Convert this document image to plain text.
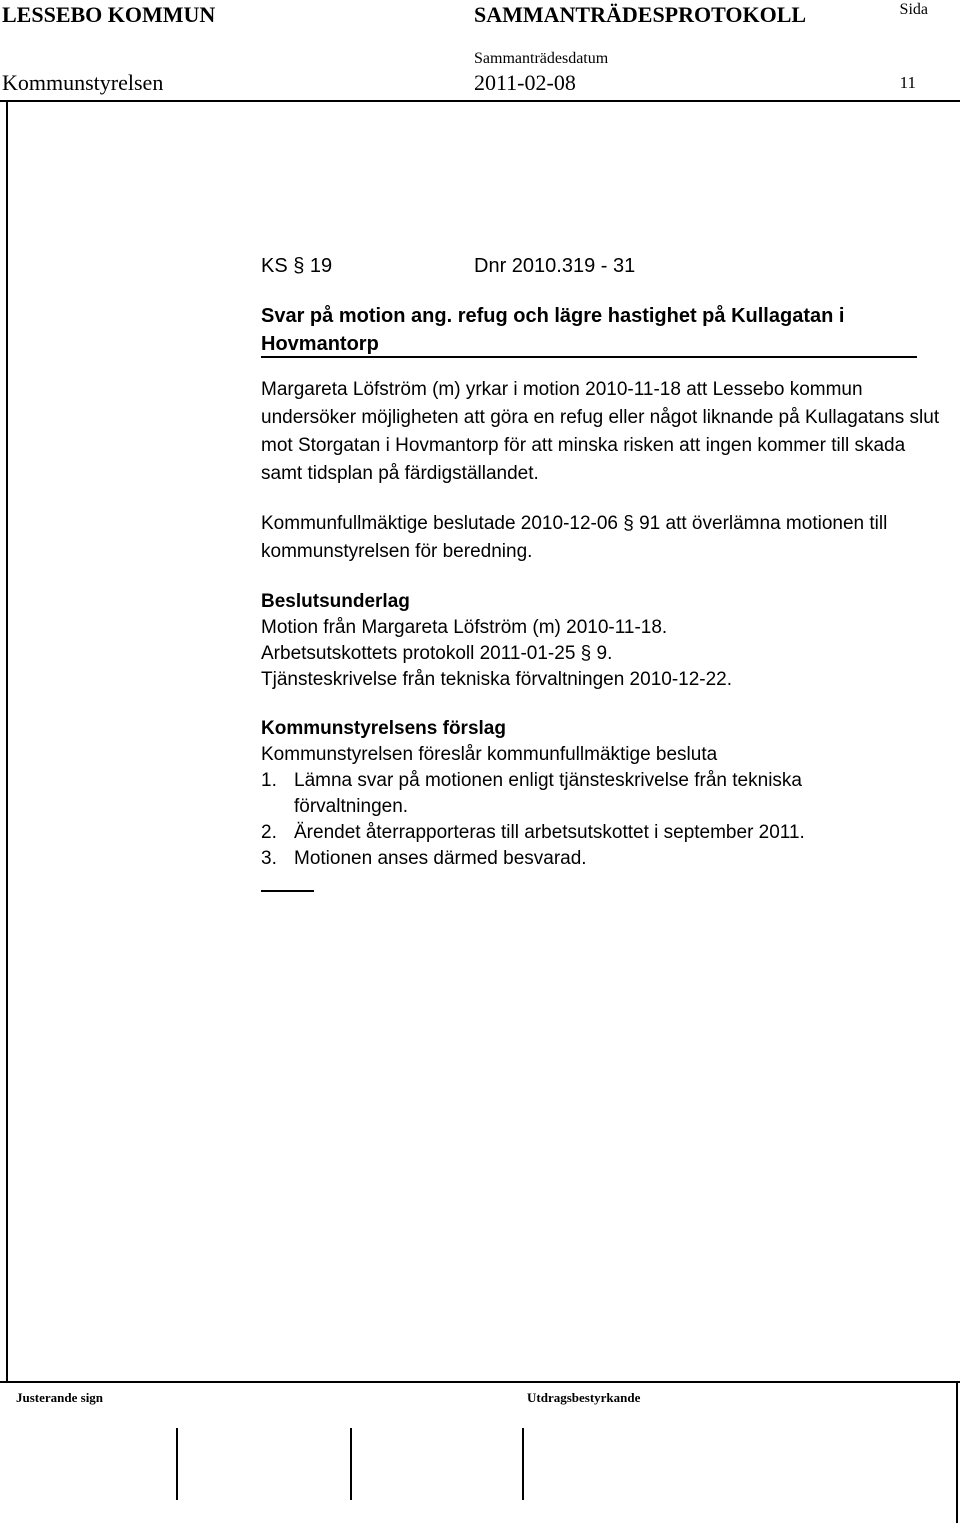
LESSEBO KOMMUN	SAMMANTRÄDESPROTOKOLL	Sida
Sammanträdesdatum
Kommunstyrelsen	2011-02-08	11
KS § 19	Dnr 2010.319 - 31
Svar på motion ang. refug och lägre hastighet på Kullagatan i
Hovmantorp
Margareta Löfström (m) yrkar i motion 2010-11-18 att Lessebo kommun undersöker möjligheten att göra en refug eller något liknande på Kullagatans slut mot Storgatan i Hovmantorp för att minska risken att ingen kommer till skada samt tidsplan på färdigställandet.
Kommunfullmäktige beslutade 2010-12-06 § 91 att överlämna motionen till kommunstyrelsen för beredning.
Beslutsunderlag
Motion från Margareta Löfström (m) 2010-11-18.
Arbetsutskottets protokoll 2011-01-25 § 9.
Tjänsteskrivelse från tekniska förvaltningen 2010-12-22.
Kommunstyrelsens förslag
Kommunstyrelsen föreslår kommunfullmäktige besluta
1. Lämna svar på motionen enligt tjänsteskrivelse från tekniska förvaltningen.
2. Ärendet återrapporteras till arbetsutskottet i september 2011.
3. Motionen anses därmed besvarad.
Justerande sign	Utdragsbestyrkande
